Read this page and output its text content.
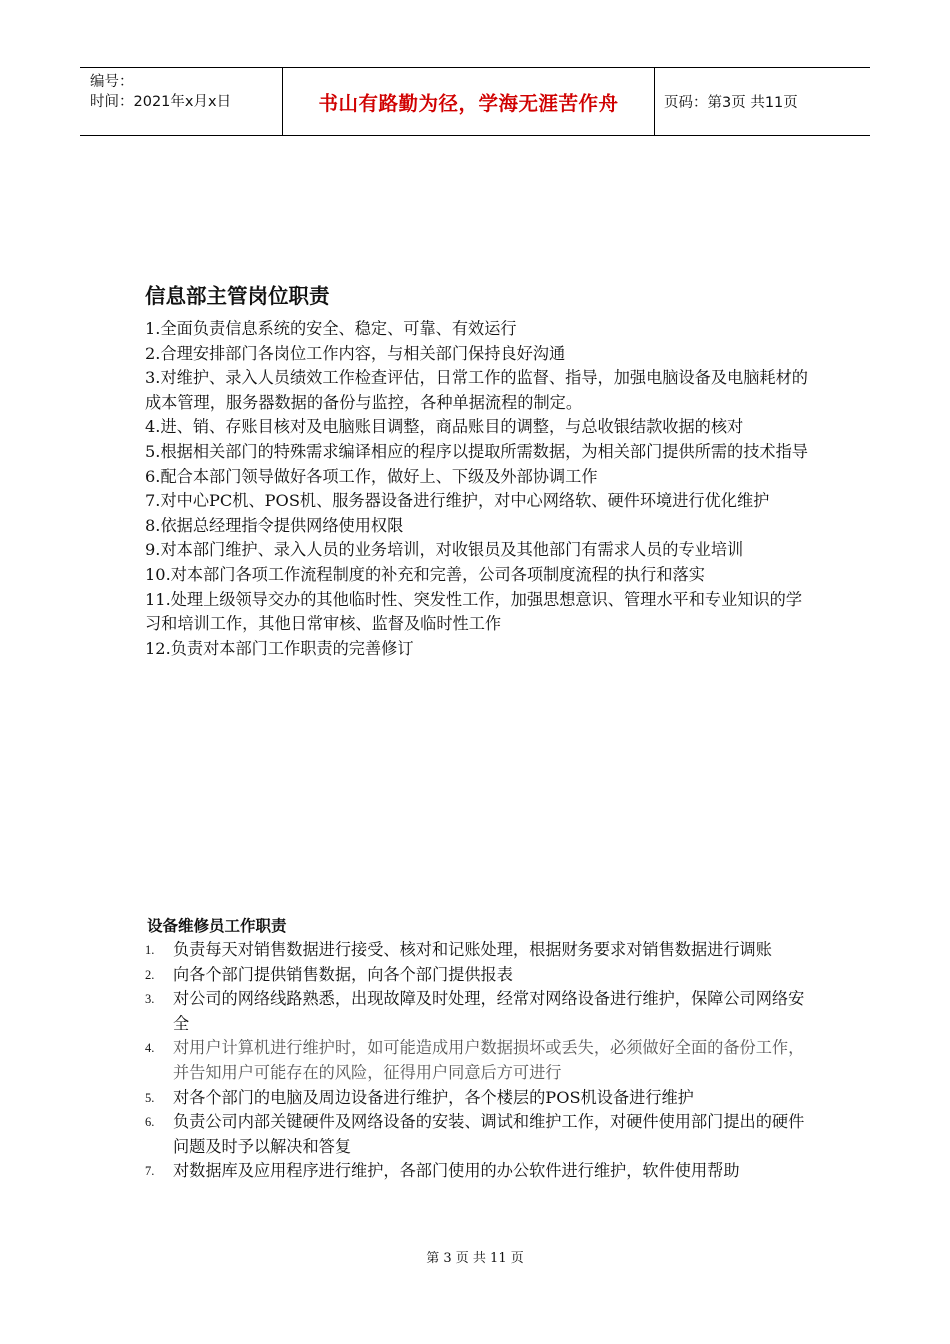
编号：
时间：2021年x月x日	书山有路勤为径，学海无涯苦作舟	页码：第3页 共11页
信息部主管岗位职责
1.全面负责信息系统的安全、稳定、可靠、有效运行
2.合理安排部门各岗位工作内容，与相关部门保持良好沟通
3.对维护、录入人员绩效工作检查评估，日常工作的监督、指导，加强电脑设备及电脑耗材的成本管理，服务器数据的备份与监控，各种单据流程的制定。
4.进、销、存账目核对及电脑账目调整，商品账目的调整，与总收银结款收据的核对
5.根据相关部门的特殊需求编译相应的程序以提取所需数据，为相关部门提供所需的技术指导
6.配合本部门领导做好各项工作，做好上、下级及外部协调工作
7.对中心PC机、POS机、服务器设备进行维护，对中心网络软、硬件环境进行优化维护
8.依据总经理指令提供网络使用权限
9.对本部门维护、录入人员的业务培训，对收银员及其他部门有需求人员的专业培训
10.对本部门各项工作流程制度的补充和完善，公司各项制度流程的执行和落实
11.处理上级领导交办的其他临时性、突发性工作，加强思想意识、管理水平和专业知识的学习和培训工作，其他日常审核、监督及临时性工作
12.负责对本部门工作职责的完善修订
设备维修员工作职责
1. 负责每天对销售数据进行接受、核对和记账处理，根据财务要求对销售数据进行调账
2. 向各个部门提供销售数据，向各个部门提供报表
3. 对公司的网络线路熟悉，出现故障及时处理，经常对网络设备进行维护，保障公司网络安全
4. 对用户计算机进行维护时，如可能造成用户数据损坏或丢失，必须做好全面的备份工作，并告知用户可能存在的风险，征得用户同意后方可进行
5. 对各个部门的电脑及周边设备进行维护，各个楼层的POS机设备进行维护
6. 负责公司内部关键硬件及网络设备的安装、调试和维护工作，对硬件使用部门提出的硬件问题及时予以解决和答复
7. 对数据库及应用程序进行维护，各部门使用的办公软件进行维护，软件使用帮助
第 3 页 共 11 页
